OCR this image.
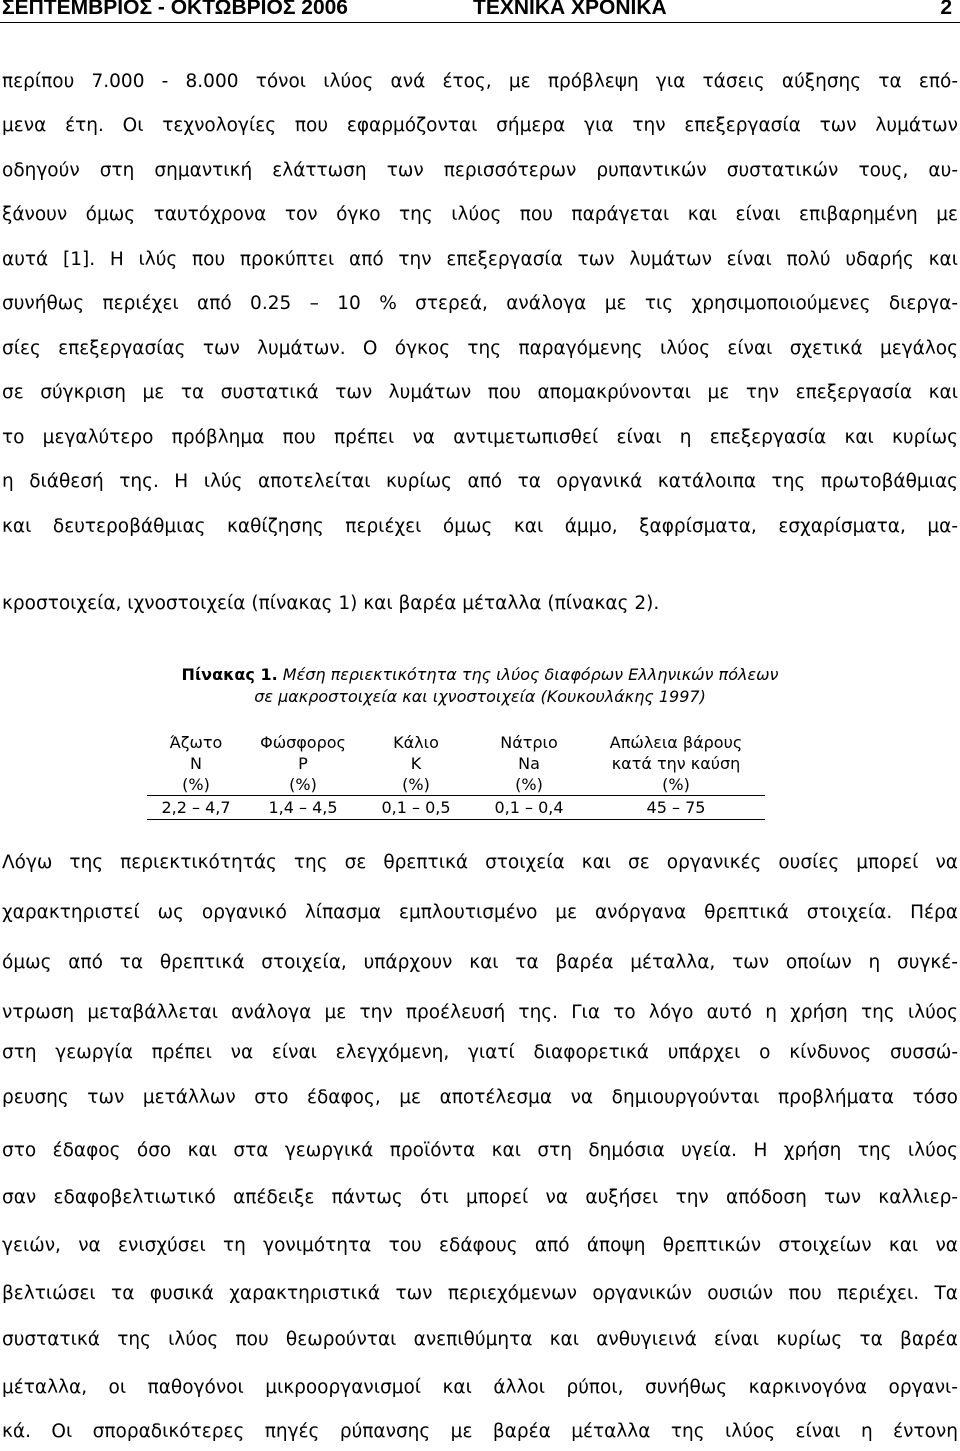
ΣΕΠΤΕΜΒΡΙΟΣ - ΟΚΤΩΒΡΙΟΣ 2006	ΤΕΧΝΙΚΑ ΧΡΟΝΙΚΑ	2
περίπου 7.000 - 8.000 τόνοι ιλύος ανά έτος, με πρόβλεψη για τάσεις αύξησης τα επό-
μενα έτη. Οι τεχνολογίες που εφαρμόζονται σήμερα για την επεξεργασία των λυμάτων
οδηγούν στη σημαντική ελάττωση των περισσότερων ρυπαντικών συστατικών τους, αυ-
ξάνουν όμως ταυτόχρονα τον όγκο της ιλύος που παράγεται και είναι επιβαρημένη με
αυτά [1]. Η ιλύς που προκύπτει από την επεξεργασία των λυμάτων είναι πολύ υδαρής και
συνήθως περιέχει από 0.25 – 10 % στερεά, ανάλογα με τις χρησιμοποιούμενες διεργα-
σίες επεξεργασίας των λυμάτων. Ο όγκος της παραγόμενης ιλύος είναι σχετικά μεγάλος
σε σύγκριση με τα συστατικά των λυμάτων που απομακρύνονται με την επεξεργασία και
το μεγαλύτερο πρόβλημα που πρέπει να αντιμετωπισθεί είναι η επεξεργασία και κυρίως
η διάθεσή της. Η ιλύς αποτελείται κυρίως από τα οργανικά κατάλοιπα της πρωτοβάθμιας
και δευτεροβάθμιας καθίζησης περιέχει όμως και άμμο, ξαφρίσματα, εσχαρίσματα, μα-
κροστοιχεία, ιχνοστοιχεία (πίνακας 1) και βαρέα μέταλλα (πίνακας 2).
Πίνακας 1. Μέση περιεκτικότητα της ιλύος διαφόρων Ελληνικών πόλεων
σε μακροστοιχεία και ιχνοστοιχεία (Κουκουλάκης 1997)
Άζωτο	Φώσφορος	Κάλιο	Νάτριο	Απώλεια βάρους
N	P	K	Na	κατά την καύση
(%)	(%)	(%)	(%)	(%)
2,2 – 4,7	1,4 – 4,5	0,1 – 0,5	0,1 – 0,4	45 – 75
Λόγω της περιεκτικότητάς της σε θρεπτικά στοιχεία και σε οργανικές ουσίες μπορεί να
χαρακτηριστεί ως οργανικό λίπασμα εμπλουτισμένο με ανόργανα θρεπτικά στοιχεία. Πέρα
όμως από τα θρεπτικά στοιχεία, υπάρχουν και τα βαρέα μέταλλα, των οποίων η συγκέ-
ντρωση μεταβάλλεται ανάλογα με την προέλευσή της. Για το λόγο αυτό η χρήση της ιλύος
στη γεωργία πρέπει να είναι ελεγχόμενη, γιατί διαφορετικά υπάρχει ο κίνδυνος συσσώ-
ρευσης των μετάλλων στο έδαφος, με αποτέλεσμα να δημιουργούνται προβλήματα τόσο
στο έδαφος όσο και στα γεωργικά προϊόντα και στη δημόσια υγεία. Η χρήση της ιλύος
σαν εδαφοβελτιωτικό απέδειξε πάντως ότι μπορεί να αυξήσει την απόδοση των καλλιερ-
γειών, να ενισχύσει τη γονιμότητα του εδάφους από άποψη θρεπτικών στοιχείων και να
βελτιώσει τα φυσικά χαρακτηριστικά των περιεχόμενων οργανικών ουσιών που περιέχει. Τα
συστατικά της ιλύος που θεωρούνται ανεπιθύμητα και ανθυγιεινά είναι κυρίως τα βαρέα
μέταλλα, οι παθογόνοι μικροοργανισμοί και άλλοι ρύποι, συνήθως καρκινογόνα οργανι-
κά. Οι σποραδικότερες πηγές ρύπανσης με βαρέα μέταλλα της ιλύος είναι η έντονη
